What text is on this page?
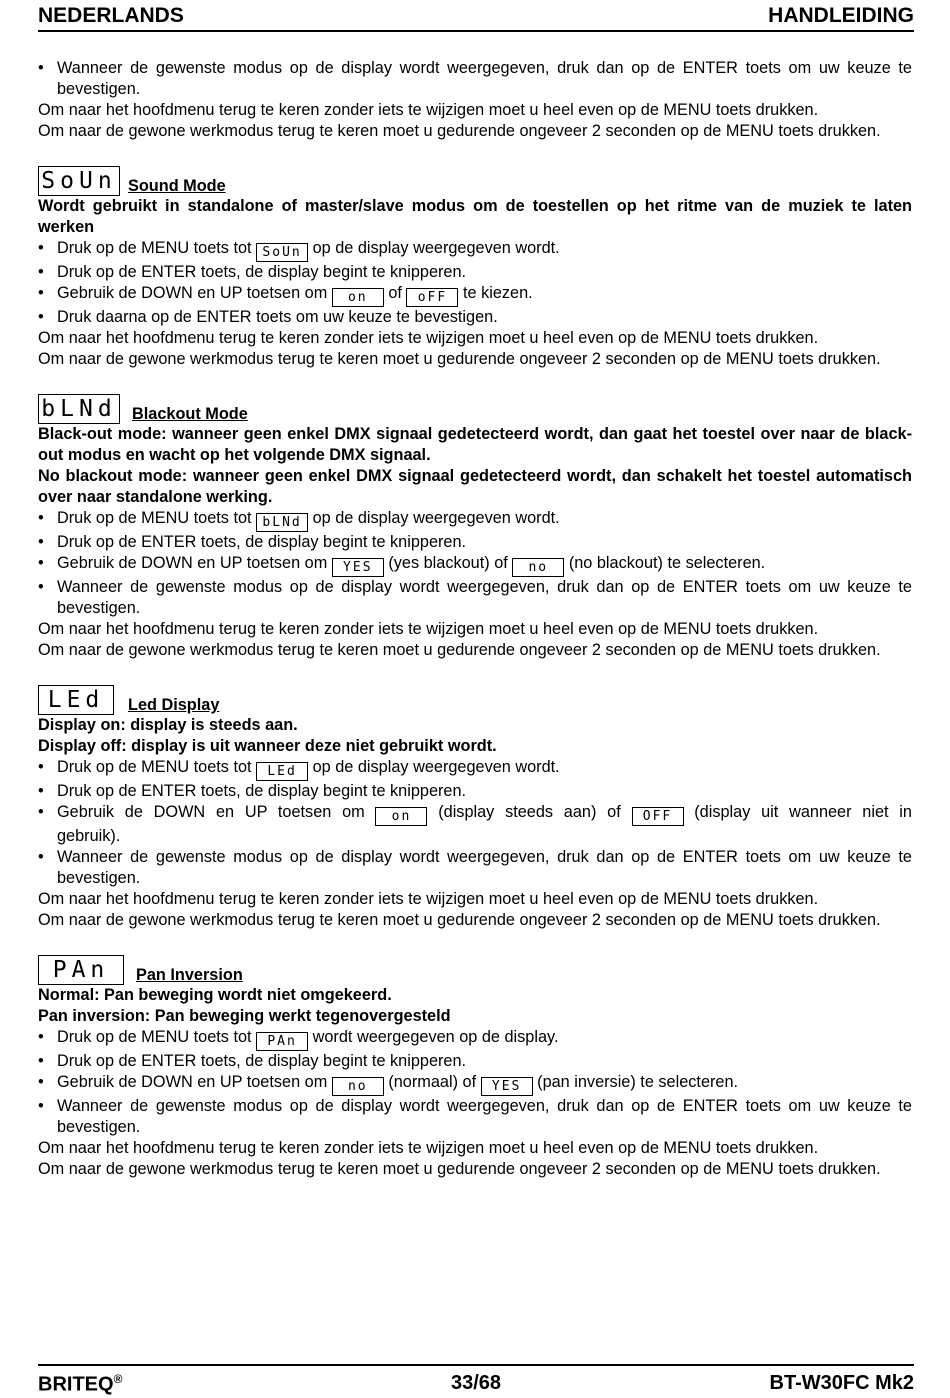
NEDERLANDS	HANDLEIDING
• Wanneer de gewenste modus op de display wordt weergegeven, druk dan op de ENTER toets om uw keuze te bevestigen.

Om naar het hoofdmenu terug te keren zonder iets te wijzigen moet u heel even op de MENU toets drukken.

Om naar de gewone werkmodus terug te keren moet u gedurende ongeveer 2 seconden op de MENU toets drukken.

SoUn Sound Mode

Wordt gebruikt in standalone of master/slave modus om de toestellen op het ritme van de muziek te laten werken

• Druk op de MENU toets tot SoUn op de display weergegeven wordt.
• Druk op de ENTER toets, de display begint te knipperen.
• Gebruik de DOWN en UP toetsen om on of oFF te kiezen.
• Druk daarna op de ENTER toets om uw keuze te bevestigen.

Om naar het hoofdmenu terug te keren zonder iets te wijzigen moet u heel even op de MENU toets drukken.

Om naar de gewone werkmodus terug te keren moet u gedurende ongeveer 2 seconden op de MENU toets drukken.

bLNd Blackout Mode

Black-out mode: wanneer geen enkel DMX signaal gedetecteerd wordt, dan gaat het toestel over naar de black-out modus en wacht op het volgende DMX signaal.

No blackout mode: wanneer geen enkel DMX signaal gedetecteerd wordt, dan schakelt het toestel automatisch over naar standalone werking.

• Druk op de MENU toets tot bLNd op de display weergegeven wordt.
• Druk op de ENTER toets, de display begint te knipperen.
• Gebruik de DOWN en UP toetsen om YES (yes blackout) of no (no blackout) te selecteren.
• Wanneer de gewenste modus op de display wordt weergegeven, druk dan op de ENTER toets om uw keuze te bevestigen.

Om naar het hoofdmenu terug te keren zonder iets te wijzigen moet u heel even op de MENU toets drukken.

Om naar de gewone werkmodus terug te keren moet u gedurende ongeveer 2 seconden op de MENU toets drukken.

LEd	Led Display

Display on: display is steeds aan.

Display off: display is uit wanneer deze niet gebruikt wordt.

• Druk op de MENU toets tot LEd op de display weergegeven wordt.
• Druk op de ENTER toets, de display begint te knipperen.
• Gebruik de DOWN en UP toetsen om on (display steeds aan) of OFF (display uit wanneer niet in gebruik).
• Wanneer de gewenste modus op de display wordt weergegeven, druk dan op de ENTER toets om uw keuze te bevestigen.

Om naar het hoofdmenu terug te keren zonder iets te wijzigen moet u heel even op de MENU toets drukken.

Om naar de gewone werkmodus terug te keren moet u gedurende ongeveer 2 seconden op de MENU toets drukken.

PAn	Pan Inversion

Normal: Pan beweging wordt niet omgekeerd.

Pan inversion: Pan beweging werkt tegenovergesteld

• Druk op de MENU toets tot PAn wordt weergegeven op de display.
• Druk op de ENTER toets, de display begint te knipperen.
• Gebruik de DOWN en UP toetsen om no (normaal) of YES (pan inversie) te selecteren.
• Wanneer de gewenste modus op de display wordt weergegeven, druk dan op de ENTER toets om uw keuze te bevestigen.

Om naar het hoofdmenu terug te keren zonder iets te wijzigen moet u heel even op de MENU toets drukken.

Om naar de gewone werkmodus terug te keren moet u gedurende ongeveer 2 seconden op de MENU toets drukken.

BRITEQ®	33/68	BT-W30FC Mk2
